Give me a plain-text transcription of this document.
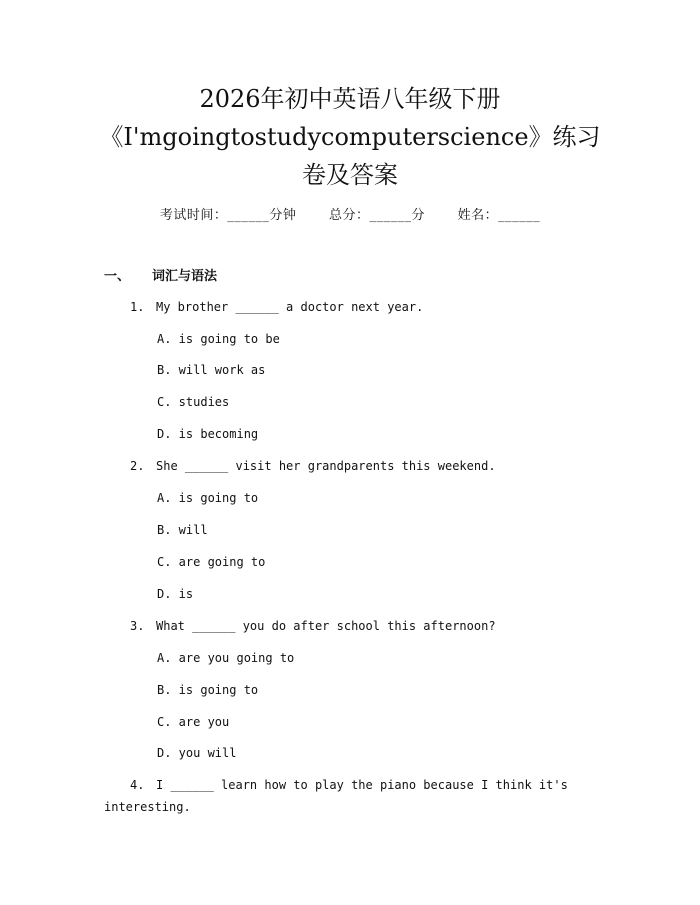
2026年初中英语八年级下册
《I'mgoingtostudycomputerscience》练习
卷及答案
考试时间：______分钟	总分：______分	姓名：______
一、 词汇与语法
1. My brother ______ a doctor next year.
A. is going to be
B. will work as
C. studies
D. is becoming
2. She ______ visit her grandparents this weekend.
A. is going to
B. will
C. are going to
D. is
3. What ______ you do after school this afternoon?
A. are you going to
B. is going to
C. are you
D. you will
4. I ______ learn how to play the piano because I think it's
interesting.
